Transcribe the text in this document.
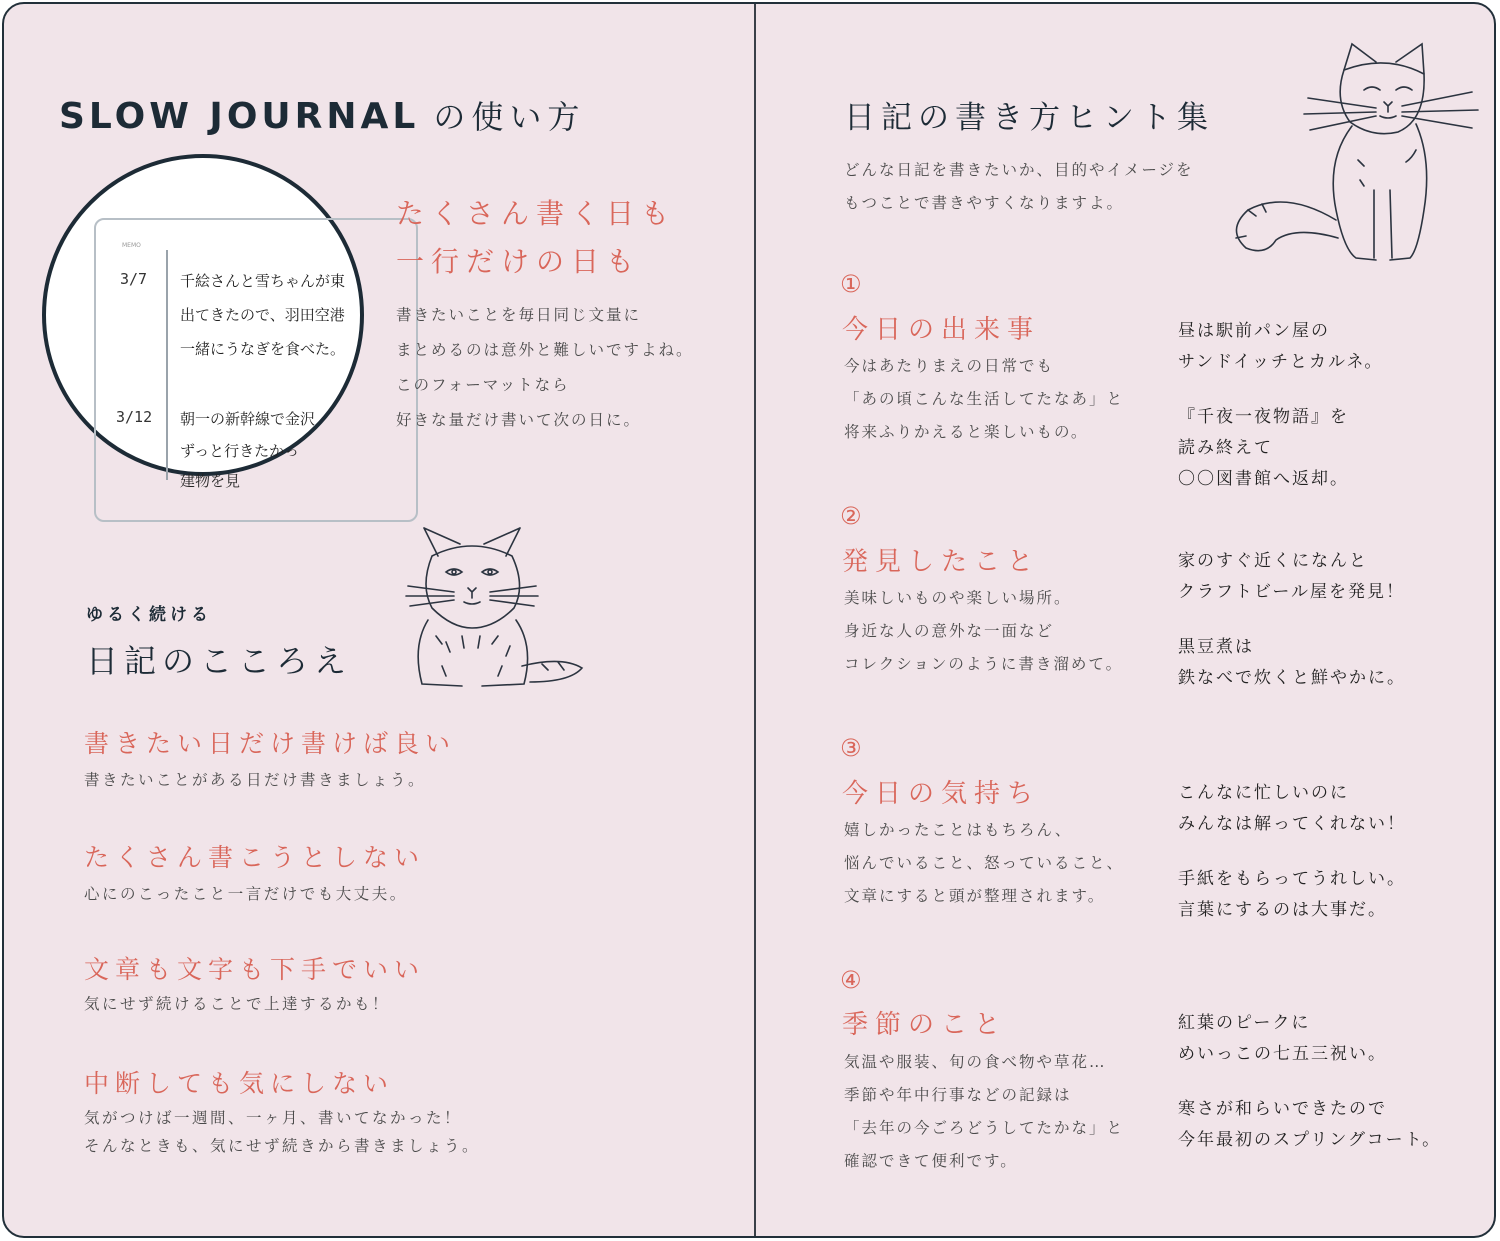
SLOW JOURNAL の使い方
MEMO
3/7 千絵さんと雪ちゃんが東
出てきたので、羽田空港
一緒にうなぎを食べた。
3/12 朝一の新幹線で金沢
ずっと行きたかっ
建物を見
たくさん書く日も
一行だけの日も
書きたいことを毎日同じ文量に
まとめるのは意外と難しいですよね。
このフォーマットなら
好きな量だけ書いて次の日に。
ゆるく続ける
日記のこころえ
書きたい日だけ書けば良い
書きたいことがある日だけ書きましょう。
たくさん書こうとしない
心にのこったこと一言だけでも大丈夫。
文章も文字も下手でいい
気にせず続けることで上達するかも！
中断しても気にしない
気がつけば一週間、一ヶ月、書いてなかった！
そんなときも、気にせず続きから書きましょう。
日記の書き方ヒント集
どんな日記を書きたいか、目的やイメージを
もつことで書きやすくなりますよ。
①
今日の出来事
今はあたりまえの日常でも
「あの頃こんな生活してたなあ」と
将来ふりかえると楽しいもの。
昼は駅前パン屋の
サンドイッチとカルネ。
『千夜一夜物語』を
読み終えて
〇〇図書館へ返却。
②
発見したこと
美味しいものや楽しい場所。
身近な人の意外な一面など
コレクションのように書き溜めて。
家のすぐ近くになんと
クラフトビール屋を発見！
黒豆煮は
鉄なべで炊くと鮮やかに。
③
今日の気持ち
嬉しかったことはもちろん、
悩んでいること、怒っていること、
文章にすると頭が整理されます。
こんなに忙しいのに
みんなは解ってくれない！
手紙をもらってうれしい。
言葉にするのは大事だ。
④
季節のこと
気温や服装、旬の食べ物や草花…
季節や年中行事などの記録は
「去年の今ごろどうしてたかな」と
確認できて便利です。
紅葉のピークに
めいっこの七五三祝い。
寒さが和らいできたので
今年最初のスプリングコート。
